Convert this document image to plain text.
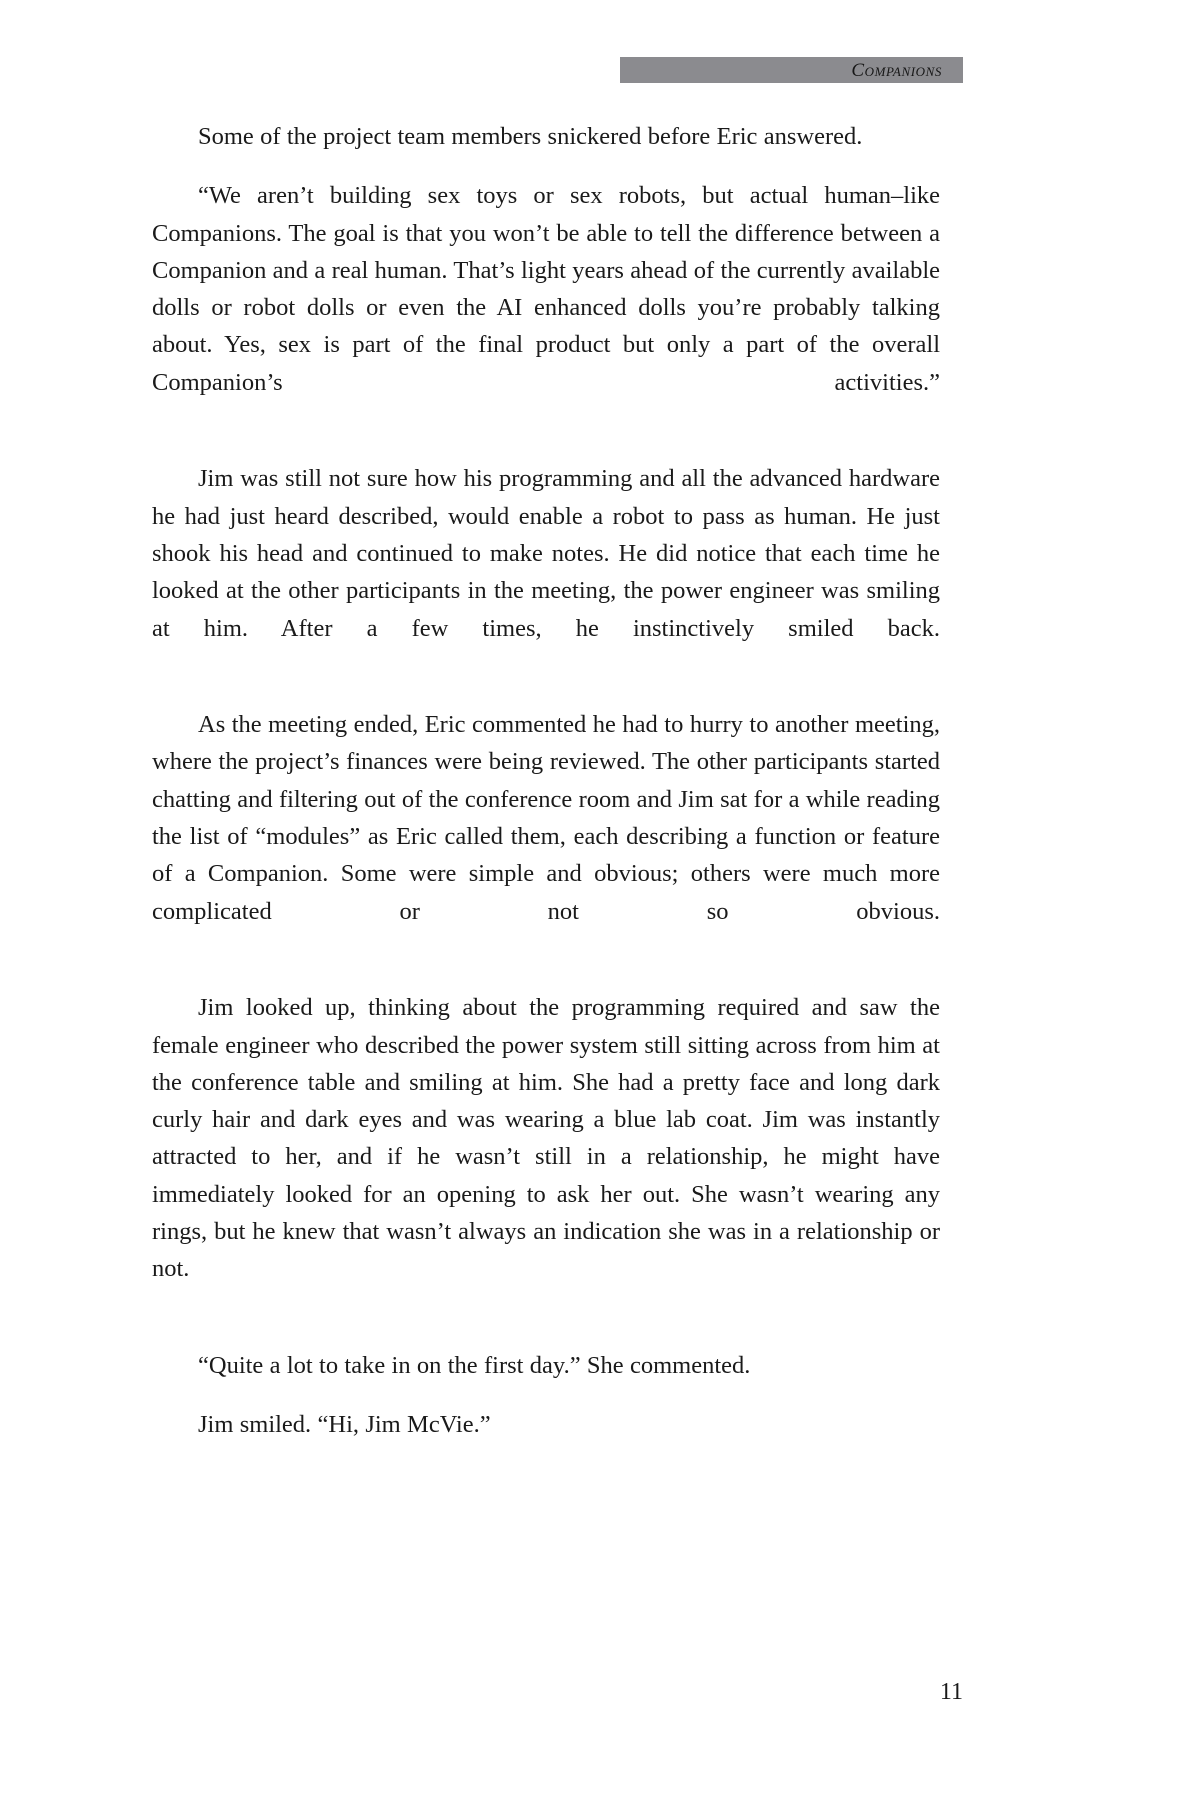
Companions

Some of the project team members snickered before Eric answered.

“We aren’t building sex toys or sex robots, but actual human–like Companions. The goal is that you won’t be able to tell the difference between a Companion and a real human. That’s light years ahead of the currently available dolls or robot dolls or even the AI enhanced dolls you’re probably talking about. Yes, sex is part of the final product but only a part of the overall Companion’s activities.”

Jim was still not sure how his programming and all the advanced hardware he had just heard described, would enable a robot to pass as human. He just shook his head and continued to make notes. He did notice that each time he looked at the other participants in the meeting, the power engineer was smiling at him. After a few times, he instinctively smiled back.

As the meeting ended, Eric commented he had to hurry to another meeting, where the project’s finances were being reviewed. The other participants started chatting and filtering out of the conference room and Jim sat for a while reading the list of “modules” as Eric called them, each describing a function or feature of a Companion. Some were simple and obvious; others were much more complicated or not so obvious.

Jim looked up, thinking about the programming required and saw the female engineer who described the power system still sitting across from him at the conference table and smiling at him. She had a pretty face and long dark curly hair and dark eyes and was wearing a blue lab coat. Jim was instantly attracted to her, and if he wasn’t still in a relationship, he might have immediately looked for an opening to ask her out. She wasn’t wearing any rings, but he knew that wasn’t always an indication she was in a relationship or not.

“Quite a lot to take in on the first day.” She commented.

Jim smiled. “Hi, Jim McVie.”

11
